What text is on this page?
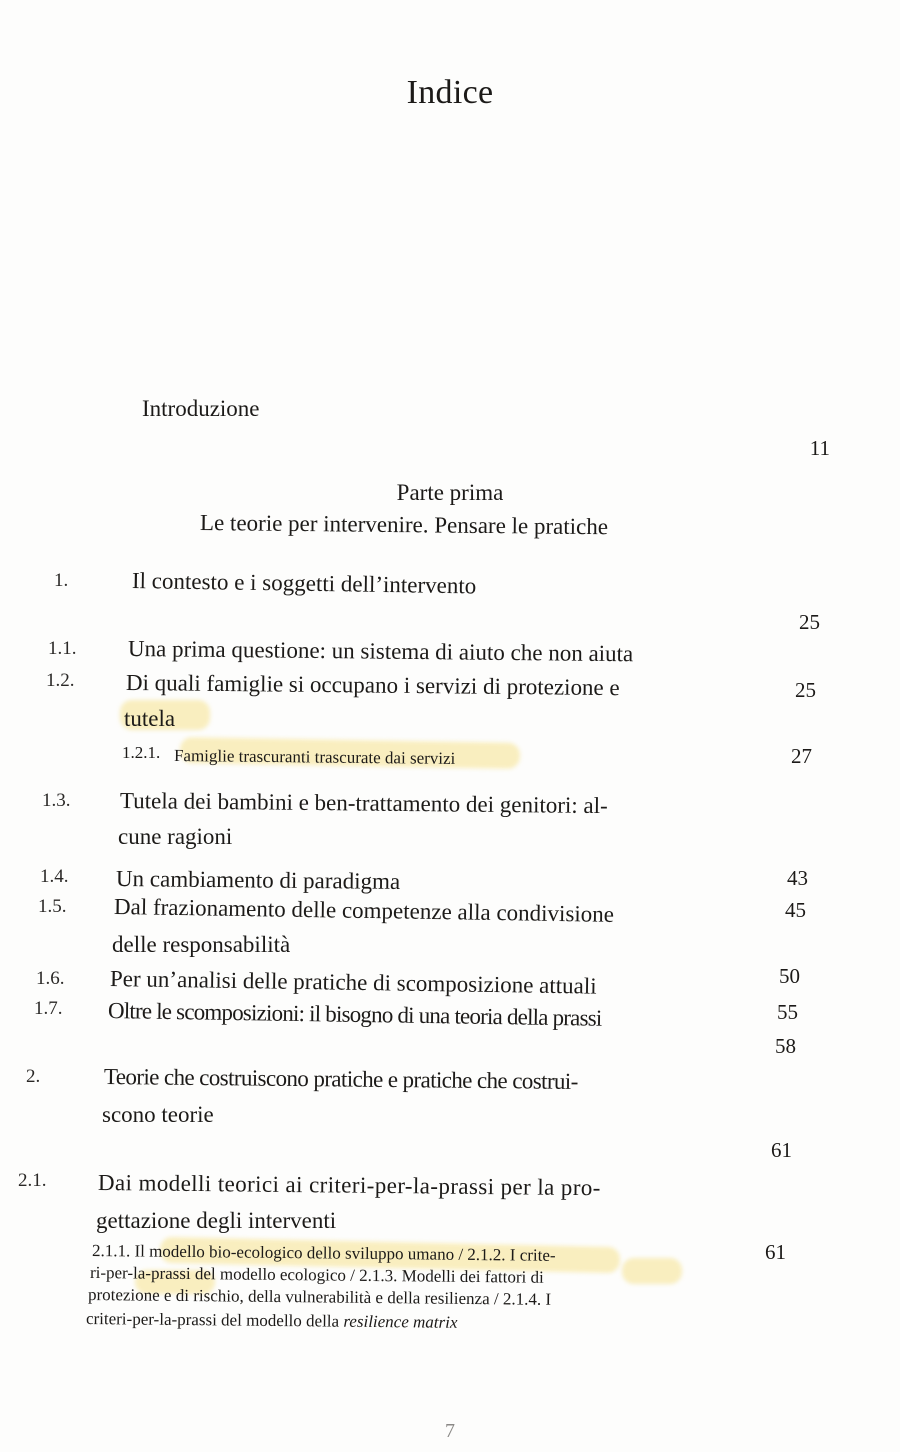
Indice
Introduzione
11
Parte prima
Le teorie per intervenire. Pensare le pratiche
1.	Il contesto e i soggetti dell’intervento
25
1.1. Una prima questione: un sistema di aiuto che non aiuta
25
1.2. Di quali famiglie si occupano i servizi di protezione e
tutela
27
1.2.1. Famiglie trascuranti trascurate dai servizi
1.3. Tutela dei bambini e ben-trattamento dei genitori: al-
cune ragioni
43
1.4. Un cambiamento di paradigma
45
1.5. Dal frazionamento delle competenze alla condivisione
delle responsabilità
50
1.6. Per un’analisi delle pratiche di scomposizione attuali
55
1.7. Oltre le scomposizioni: il bisogno di una teoria della prassi
58
2.	Teorie che costruiscono pratiche e pratiche che costrui-
scono teorie
61
2.1. Dai modelli teorici ai criteri-per-la-prassi per la pro-
gettazione degli interventi
61
2.1.1. Il modello bio-ecologico dello sviluppo umano / 2.1.2. I crite-
ri-per-la-prassi del modello ecologico / 2.1.3. Modelli dei fattori di
protezione e di rischio, della vulnerabilità e della resilienza / 2.1.4. I
criteri-per-la-prassi del modello della resilience matrix
7
